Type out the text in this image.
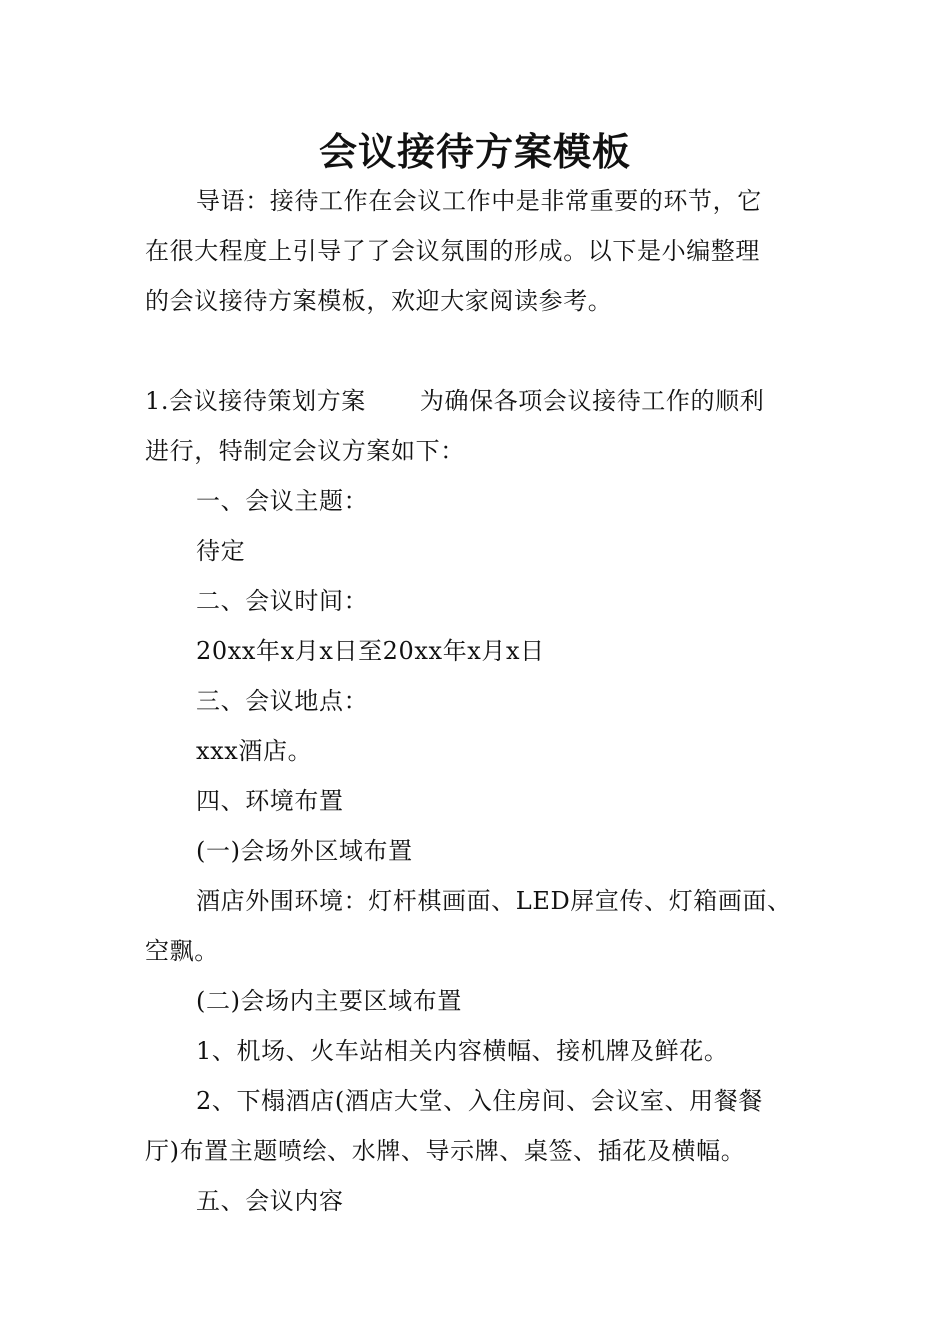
会议接待方案模板
导语：接待工作在会议工作中是非常重要的环节，它
在很大程度上引导了了会议氛围的形成。以下是小编整理
的会议接待方案模板，欢迎大家阅读参考。
1.会议接待策划方案 为确保各项会议接待工作的顺利
进行，特制定会议方案如下：
一、会议主题：
待定
二、会议时间：
20xx年x月x日至20xx年x月x日
三、会议地点：
xxx酒店。
四、环境布置
(一)会场外区域布置
酒店外围环境：灯杆棋画面、LED屏宣传、灯箱画面、
空飘。
(二)会场内主要区域布置
1、机场、火车站相关内容横幅、接机牌及鲜花。
2、下榻酒店(酒店大堂、入住房间、会议室、用餐餐
厅)布置主题喷绘、水牌、导示牌、桌签、插花及横幅。
五、会议内容
